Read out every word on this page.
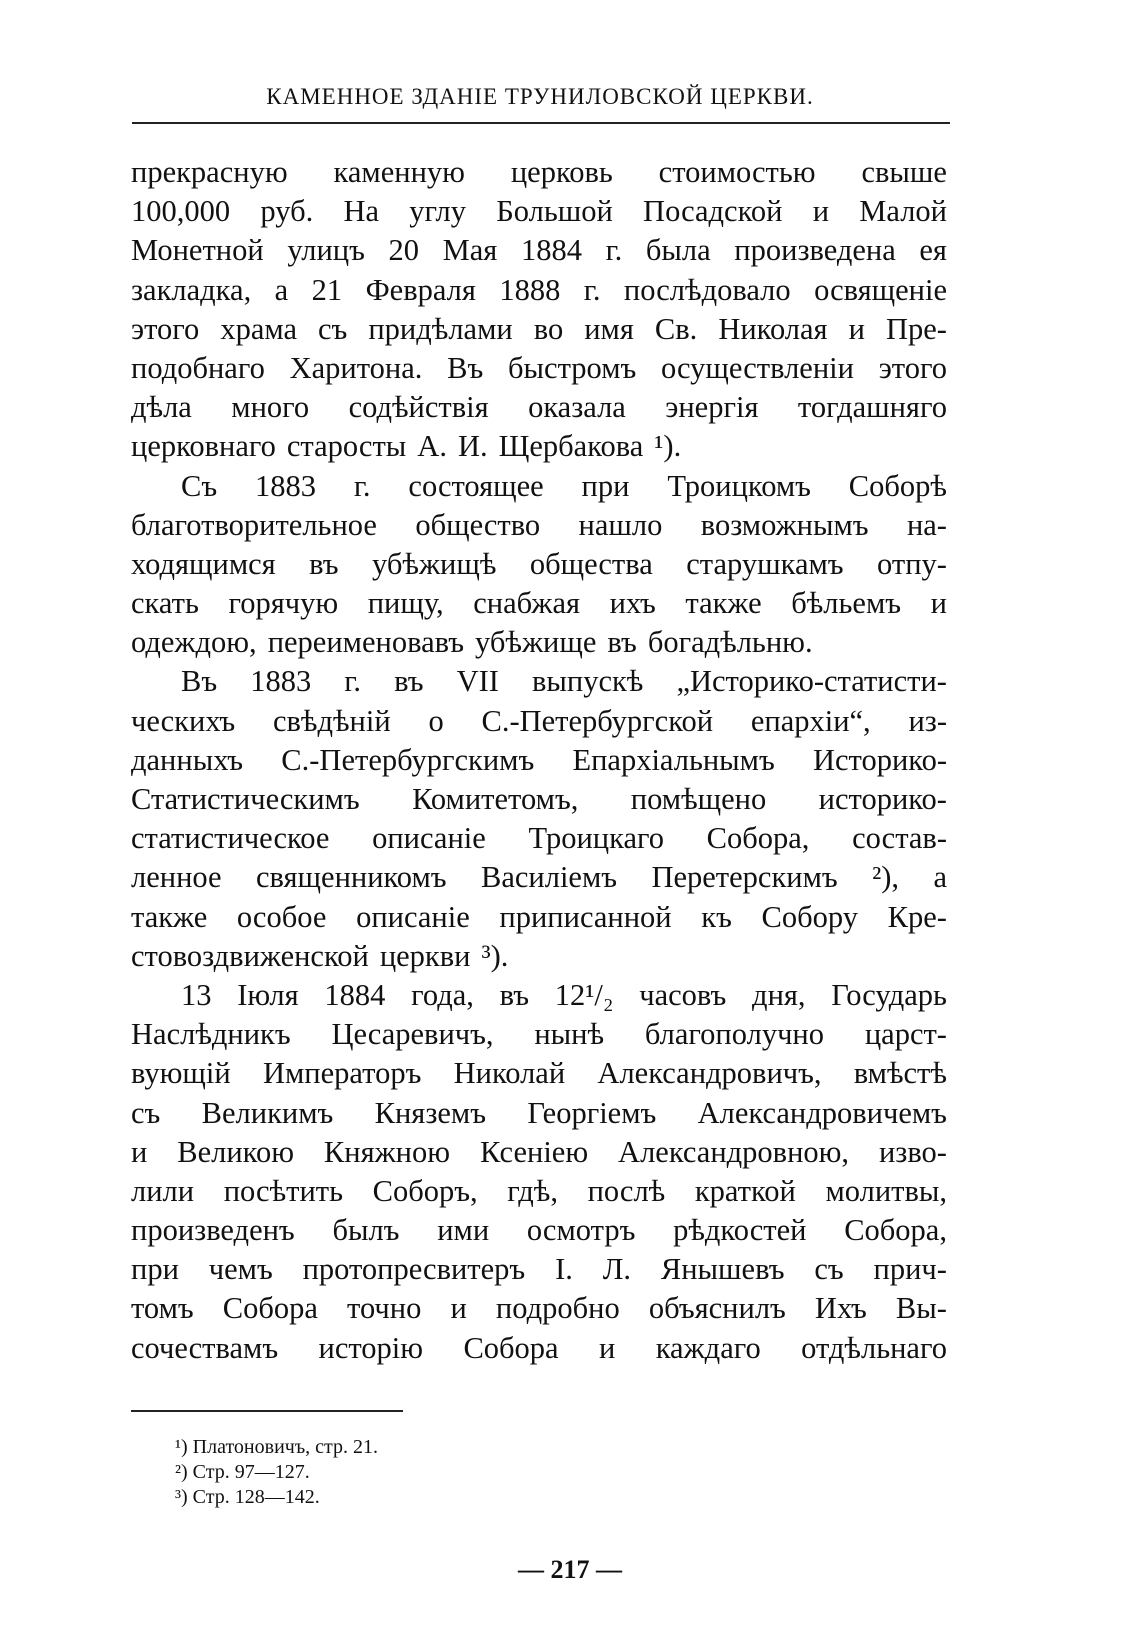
КАМЕННОЕ ЗДАНІЕ ТРУНИЛОВСКОЙ ЦЕРКВИ.
прекрасную каменную церковь стоимостью свыше
100,000 руб. На углу Большой Посадской и Малой
Монетной улицъ 20 Мая 1884 г. была произведена ея
закладка, а 21 Февраля 1888 г. послѣдовало освященіе
этого храма съ придѣлами во имя Св. Николая и Пре-
подобнаго Харитона. Въ быстромъ осуществленіи этого
дѣла много содѣйствія оказала энергія тогдашняго
церковнаго старосты А. И. Щербакова ¹).
Съ 1883 г. состоящее при Троицкомъ Соборѣ
благотворительное общество нашло возможнымъ на-
ходящимся въ убѣжищѣ общества старушкамъ отпу-
скать горячую пищу, снабжая ихъ также бѣльемъ и
одеждою, переименовавъ убѣжище въ богадѣльню.
Въ 1883 г. въ VII выпускѣ „Историко-статисти-
ческихъ свѣдѣній о С.-Петербургской епархіи“, из-
данныхъ С.-Петербургскимъ Епархіальнымъ Историко-
Статистическимъ Комитетомъ, помѣщено историко-
статистическое описаніе Троицкаго Собора, состав-
ленное священникомъ Василіемъ Перетерскимъ ²), а
также особое описаніе приписанной къ Собору Кре-
стовоздвиженской церкви ³).
13 Іюля 1884 года, въ 12¹/₂ часовъ дня, Государь
Наслѣдникъ Цесаревичъ, нынѣ благополучно царст-
вующій Императоръ Николай Александровичъ, вмѣстѣ
съ Великимъ Княземъ Георгіемъ Александровичемъ
и Великою Княжною Ксеніею Александровною, изво-
лили посѣтить Соборъ, гдѣ, послѣ краткой молитвы,
произведенъ былъ ими осмотръ рѣдкостей Собора,
при чемъ протопресвитеръ І. Л. Янышевъ съ прич-
томъ Собора точно и подробно объяснилъ Ихъ Вы-
сочествамъ исторію Собора и каждаго отдѣльнаго
¹) Платоновичъ, стр. 21.
²) Стр. 97—127.
³) Стр. 128—142.
— 217 —
